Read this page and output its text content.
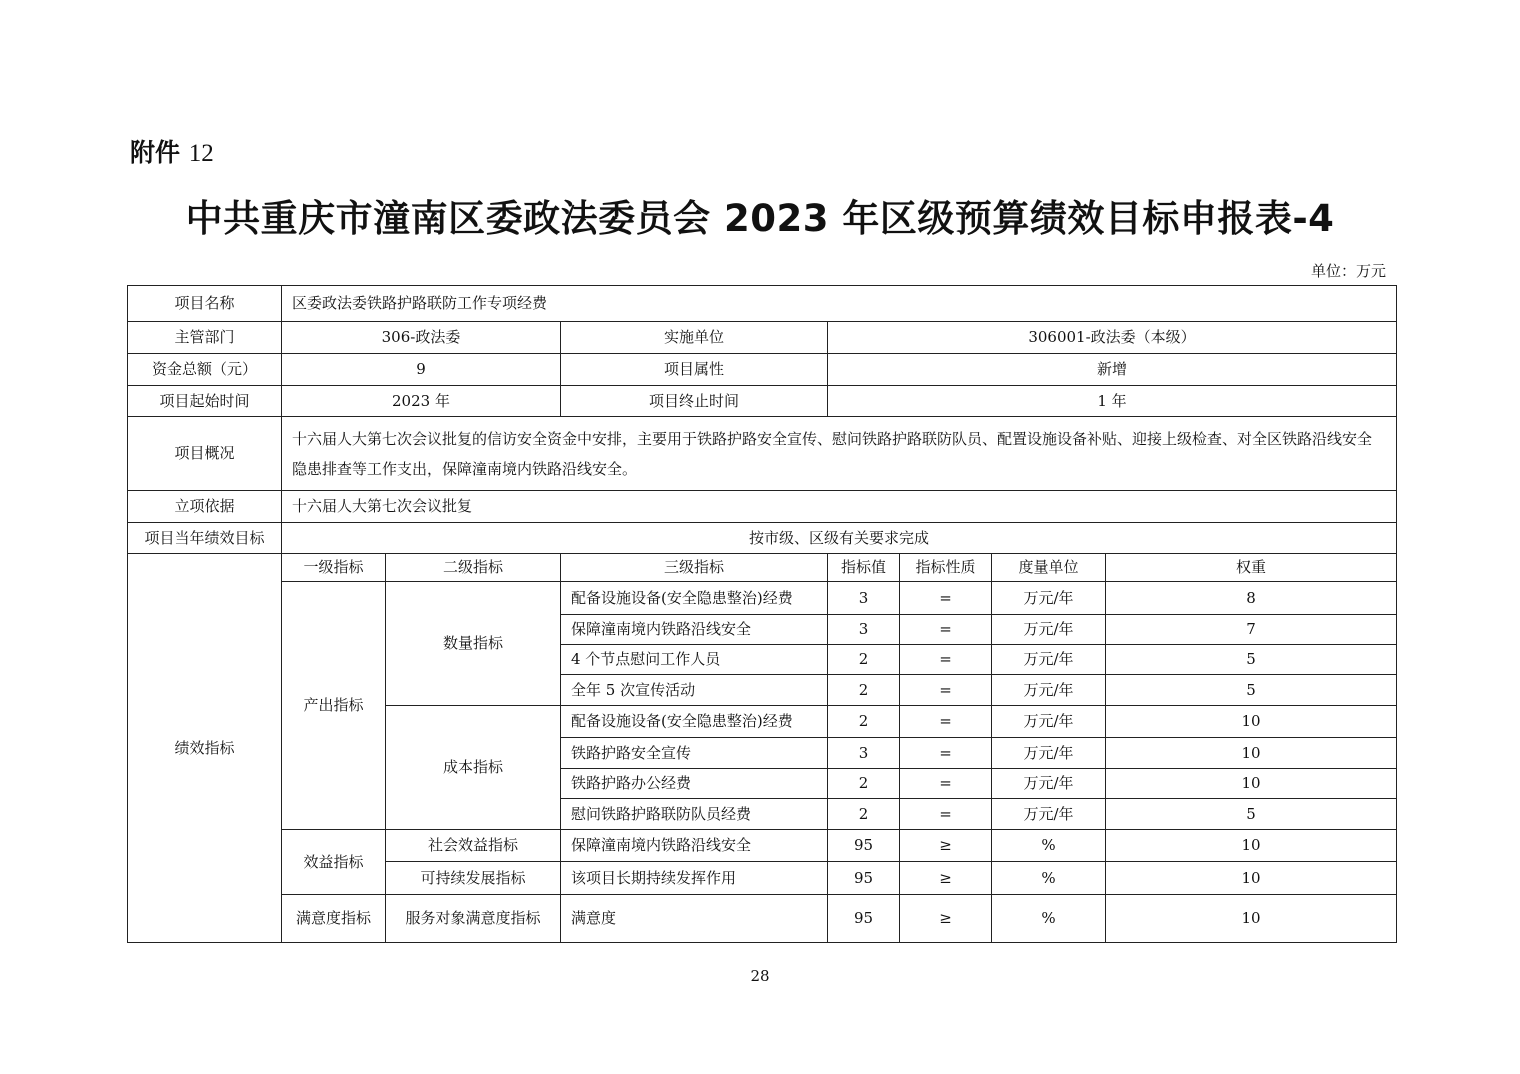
附件 12
中共重庆市潼南区委政法委员会 2023 年区级预算绩效目标申报表-4
单位：万元
项目名称	区委政法委铁路护路联防工作专项经费						
主管部门	306-政法委		实施单位	306001-政法委（本级）			
资金总额（元）	9		项目属性	新增			
项目起始时间	2023 年		项目终止时间	1 年			
项目概况	十六届人大第七次会议批复的信访安全资金中安排，主要用于铁路护路安全宣传、慰问铁路护路联防队员、配置设施设备补贴、迎接上级检查、对全区铁路沿线安全隐患排查等工作支出，保障潼南境内铁路沿线安全。						
立项依据	十六届人大第七次会议批复						
项目当年绩效目标	按市级、区级有关要求完成						
绩效指标	一级指标	二级指标	三级指标	指标值	指标性质	度量单位	权重
	产出指标	数量指标	配备设施设备(安全隐患整治)经费	3	=	万元/年	8
			保障潼南境内铁路沿线安全	3	=	万元/年	7
			4 个节点慰问工作人员	2	=	万元/年	5
			全年 5 次宣传活动	2	=	万元/年	5
		成本指标	配备设施设备(安全隐患整治)经费	2	=	万元/年	10
			铁路护路安全宣传	3	=	万元/年	10
			铁路护路办公经费	2	=	万元/年	10
			慰问铁路护路联防队员经费	2	=	万元/年	5
	效益指标	社会效益指标	保障潼南境内铁路沿线安全	95	≥	%	10
		可持续发展指标	该项目长期持续发挥作用	95	≥	%	10
	满意度指标	服务对象满意度指标	满意度	95	≥	%	10
28
